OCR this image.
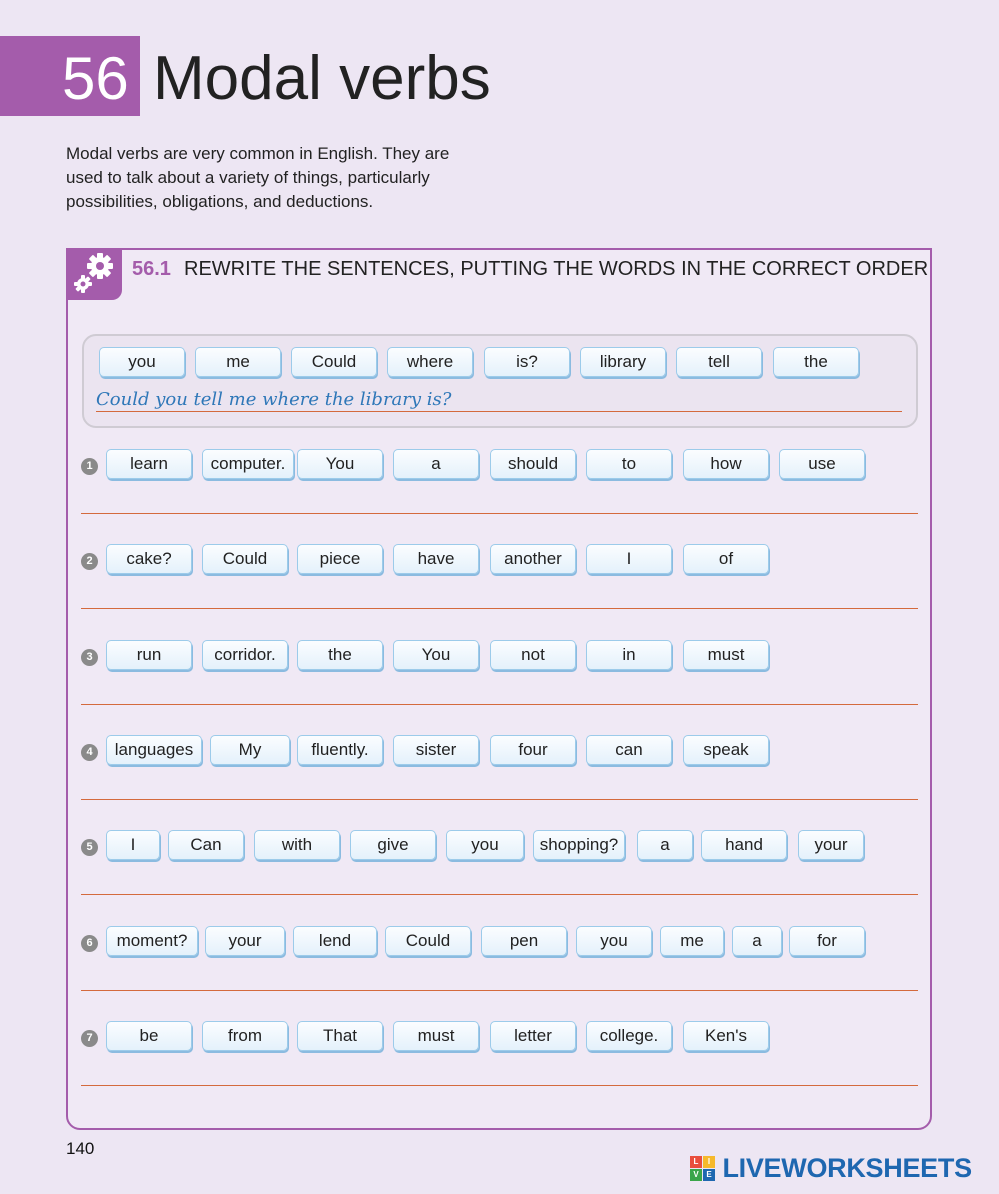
56 Modal verbs
Modal verbs are very common in English. They are used to talk about a variety of things, particularly possibilities, obligations, and deductions.
56.1 REWRITE THE SENTENCES, PUTTING THE WORDS IN THE CORRECT ORDER
you	me	Could	where	is?	library	tell	the
Could you tell me where the library is?
1	learn	computer.	You	a	should	to	how	use
2	cake?	Could	piece	have	another	I	of
3	run	corridor.	the	You	not	in	must
4	languages	My	fluently.	sister	four	can	speak
5	I	Can	with	give	you	shopping?	a	hand	your
6	moment?	your	lend	Could	pen	you	me	a	for
7	be	from	That	must	letter	college.	Ken's
140
L	I
V E LIVEWORKSHEETS
